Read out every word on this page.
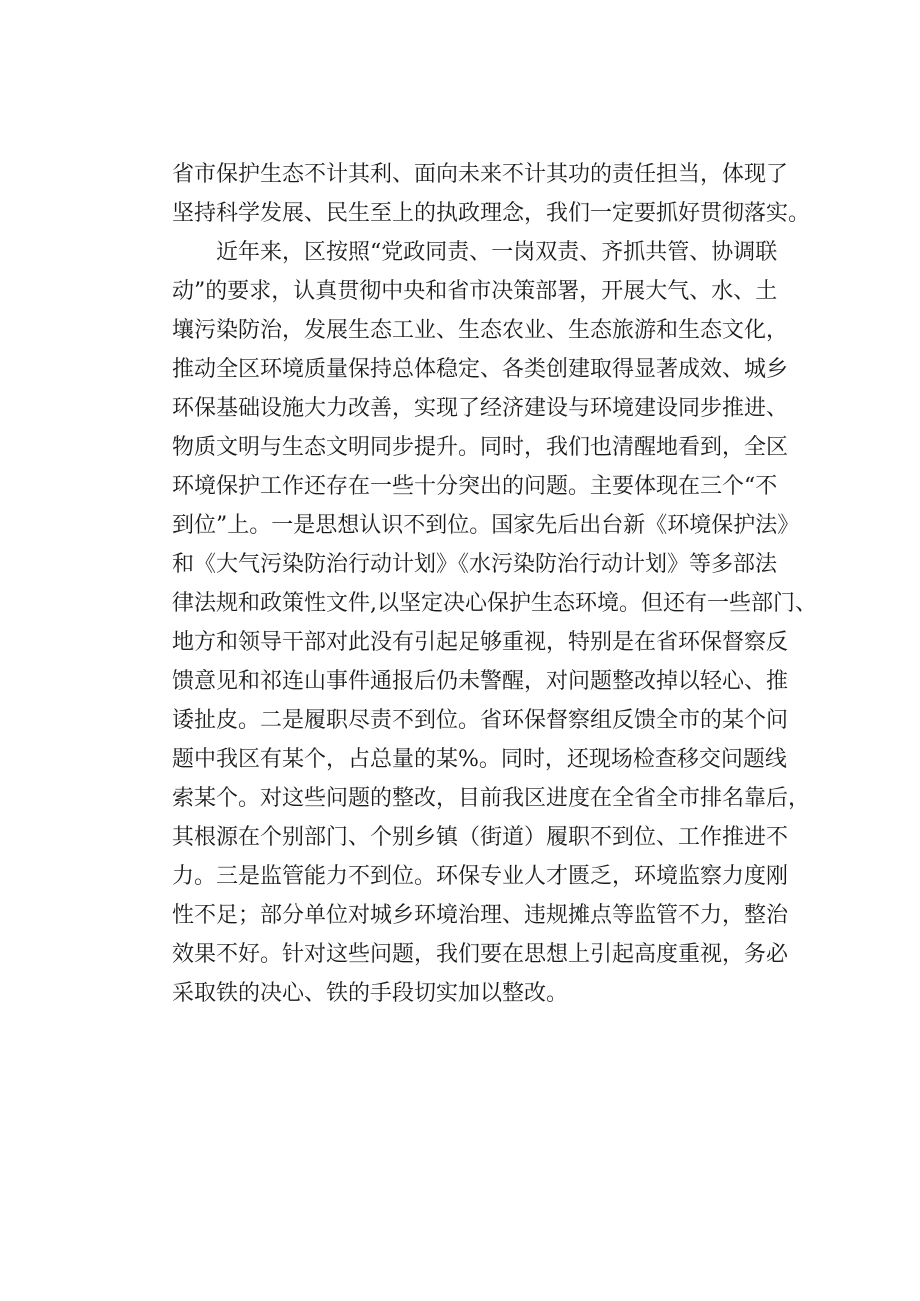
省市保护生态不计其利、面向未来不计其功的责任担当，体现了
坚持科学发展、民生至上的执政理念，我们一定要抓好贯彻落实。
近年来，区按照“党政同责、一岗双责、齐抓共管、协调联
动”的要求，认真贯彻中央和省市决策部署，开展大气、水、土
壤污染防治，发展生态工业、生态农业、生态旅游和生态文化，
推动全区环境质量保持总体稳定、各类创建取得显著成效、城乡
环保基础设施大力改善，实现了经济建设与环境建设同步推进、
物质文明与生态文明同步提升。同时，我们也清醒地看到，全区
环境保护工作还存在一些十分突出的问题。主要体现在三个“不
到位”上。一是思想认识不到位。国家先后出台新《环境保护法》
和《大气污染防治行动计划》《水污染防治行动计划》等多部法
律法规和政策性文件,以坚定决心保护生态环境。但还有一些部门、
地方和领导干部对此没有引起足够重视，特别是在省环保督察反
馈意见和祁连山事件通报后仍未警醒，对问题整改掉以轻心、推
诿扯皮。二是履职尽责不到位。省环保督察组反馈全市的某个问
题中我区有某个，占总量的某%。同时，还现场检查移交问题线
索某个。对这些问题的整改，目前我区进度在全省全市排名靠后，
其根源在个别部门、个别乡镇（街道）履职不到位、工作推进不
力。三是监管能力不到位。环保专业人才匮乏，环境监察力度刚
性不足；部分单位对城乡环境治理、违规摊点等监管不力，整治
效果不好。针对这些问题，我们要在思想上引起高度重视，务必
采取铁的决心、铁的手段切实加以整改。
